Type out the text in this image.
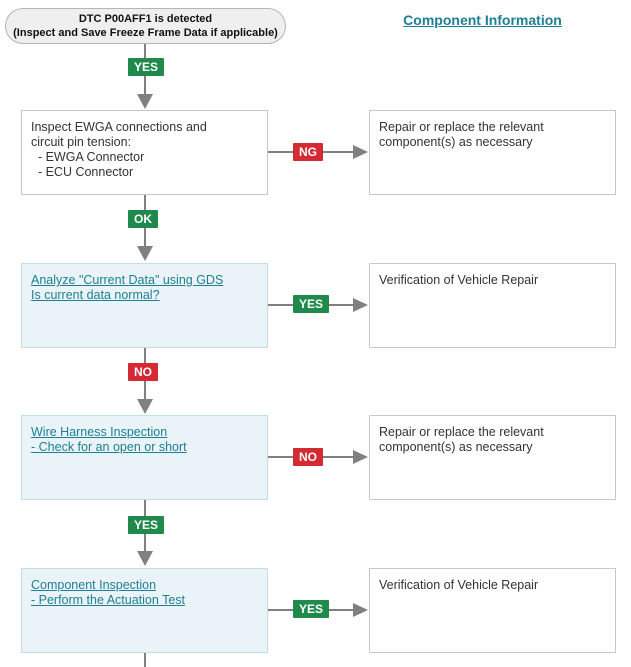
DTC P00AFF1 is detected
(Inspect and Save Freeze Frame Data if applicable)
Component Information
YES
Inspect EWGA connections and
circuit pin tension:
- EWGA Connector
- ECU Connector
NG
Repair or replace the relevant
component(s) as necessary
OK
Analyze "Current Data" using GDS
Is current data normal?
YES
Verification of Vehicle Repair
NO
Wire Harness Inspection
- Check for an open or short
NO
Repair or replace the relevant
component(s) as necessary
YES
Component Inspection
- Perform the Actuation Test
YES
Verification of Vehicle Repair
